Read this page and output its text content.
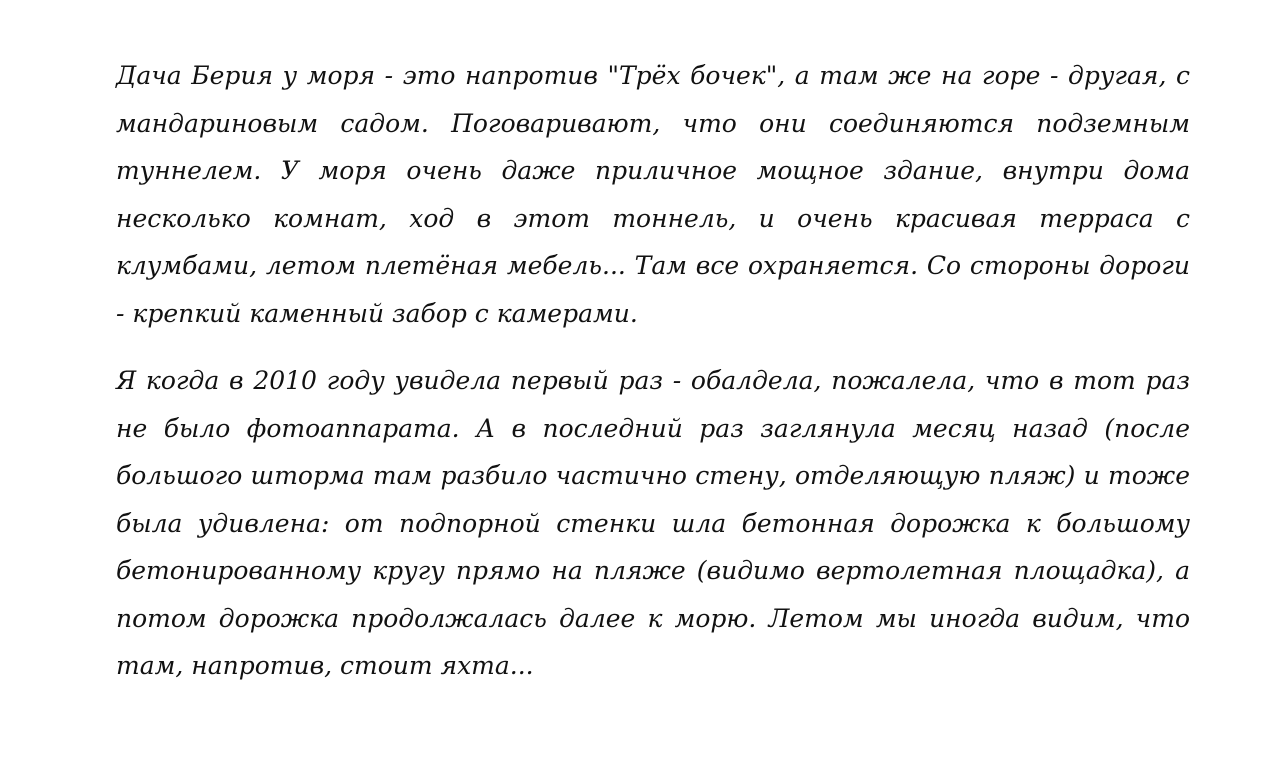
Дача Берия у моря - это напротив "Трёх бочек", а там же на горе - другая, с мандариновым садом. Поговаривают, что они соединяются подземным туннелем. У моря очень даже приличное мощное здание, внутри дома несколько комнат, ход в этот тоннель, и очень красивая терраса с клумбами, летом плетёная мебель... Там все охраняется. Со стороны дороги - крепкий каменный забор с камерами.

Я когда в 2010 году увидела первый раз - обалдела, пожалела, что в тот раз не было фотоаппарата. А в последний раз заглянула месяц назад (после большого шторма там разбило частично стену, отделяющую пляж) и тоже была удивлена: от подпорной стенки шла бетонная дорожка к большому бетонированному кругу прямо на пляже (видимо вертолетная площадка), а потом дорожка продолжалась далее к морю. Летом мы иногда видим, что там, напротив, стоит яхта...
